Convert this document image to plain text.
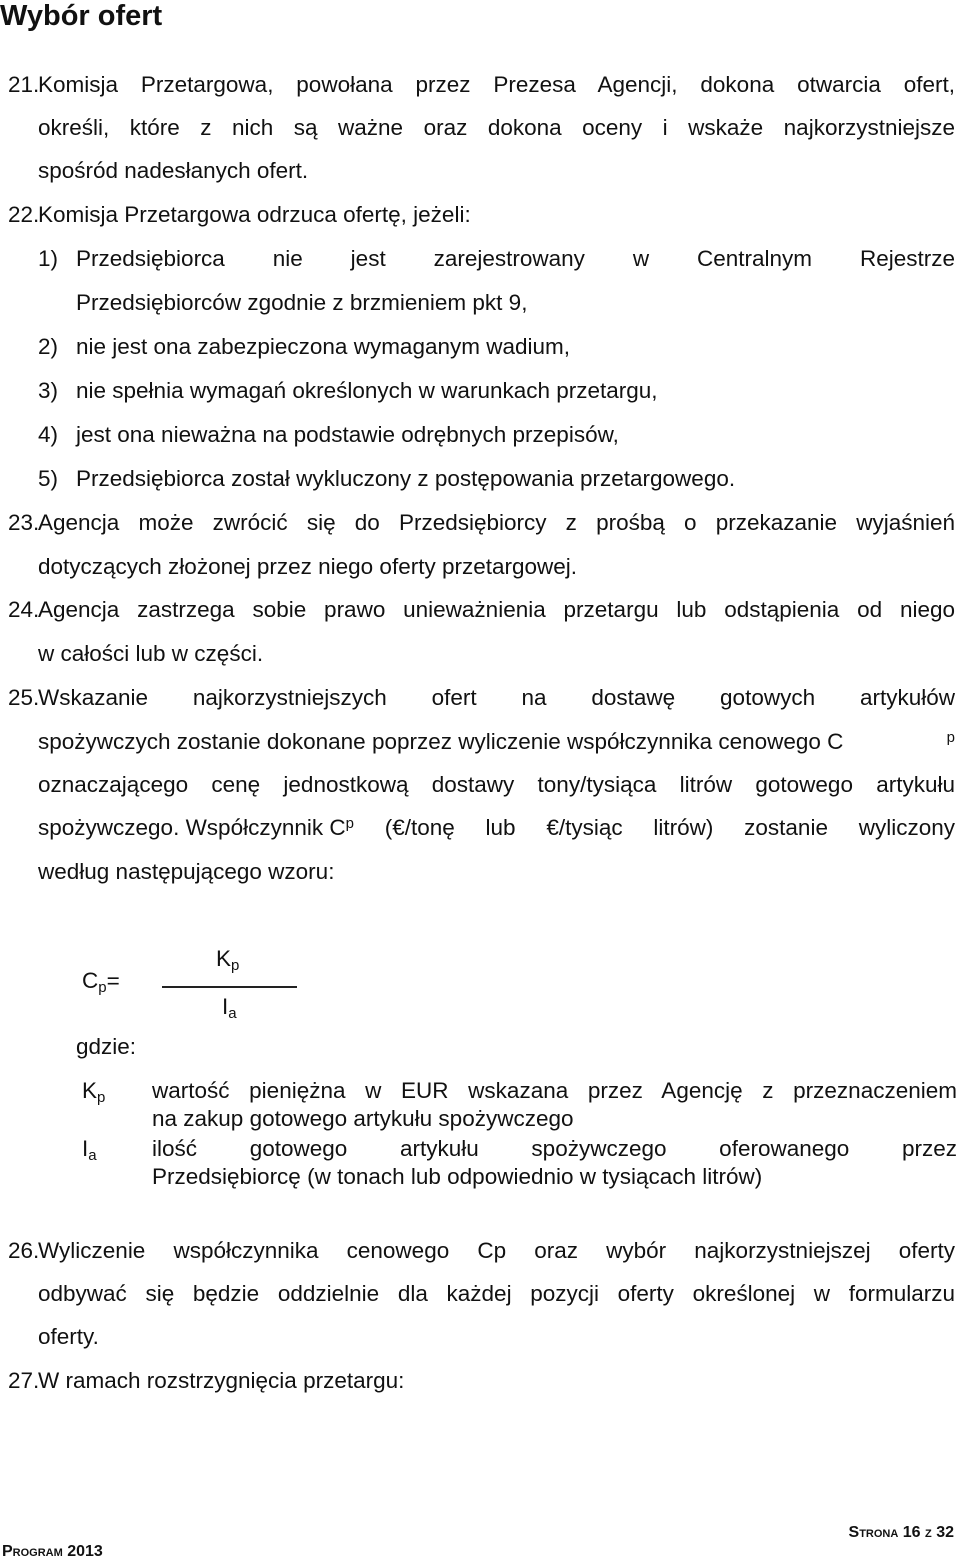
Wybór ofert
21.
Komisja Przetargowa, powołana przez Prezesa Agencji, dokona otwarcia ofert,
określi, które z nich są ważne oraz dokona oceny i wskaże najkorzystniejsze
spośród nadesłanych ofert.
22.
Komisja Przetargowa odrzuca ofertę, jeżeli:
1) Przedsiębiorca nie jest zarejestrowany w Centralnym Rejestrze
Przedsiębiorców zgodnie z brzmieniem pkt 9,
2) nie jest ona zabezpieczona wymaganym wadium,
3) nie spełnia wymagań określonych w warunkach przetargu,
4) jest ona nieważna na podstawie odrębnych przepisów,
5) Przedsiębiorca został wykluczony z postępowania przetargowego.
23.
Agencja może zwrócić się do Przedsiębiorcy z prośbą o przekazanie wyjaśnień
dotyczących złożonej przez niego oferty przetargowej.
24.
Agencja zastrzega sobie prawo unieważnienia przetargu lub odstąpienia od niego
w całości lub w części.
25.
Wskazanie najkorzystniejszych ofert na dostawę gotowych artykułów
spożywczych zostanie dokonane poprzez wyliczenie współczynnika cenowego C	p
oznaczającego cenę jednostkową dostawy tony/tysiąca litrów gotowego artykułu
spożywczego. Współczynnik C p (€/tonę lub €/tysiąc litrów) zostanie wyliczony
według następującego wzoru:
$C_p=$
$K_p$
$I_a$
gdzie:
$K_p$ wartość pieniężna w EUR wskazana przez Agencję z przeznaczeniem
na zakup gotowego artykułu spożywczego
$I_a$ ilość gotowego artykułu spożywczego oferowanego przez
Przedsiębiorcę (w tonach lub odpowiednio w tysiącach litrów)
26.
Wyliczenie współczynnika cenowego Cp oraz wybór najkorzystniejszej oferty
odbywać się będzie oddzielnie dla każdej pozycji oferty określonej w formularzu
oferty.
27.
W ramach rozstrzygnięcia przetargu:
Strona 16 z 32
Program 2013
